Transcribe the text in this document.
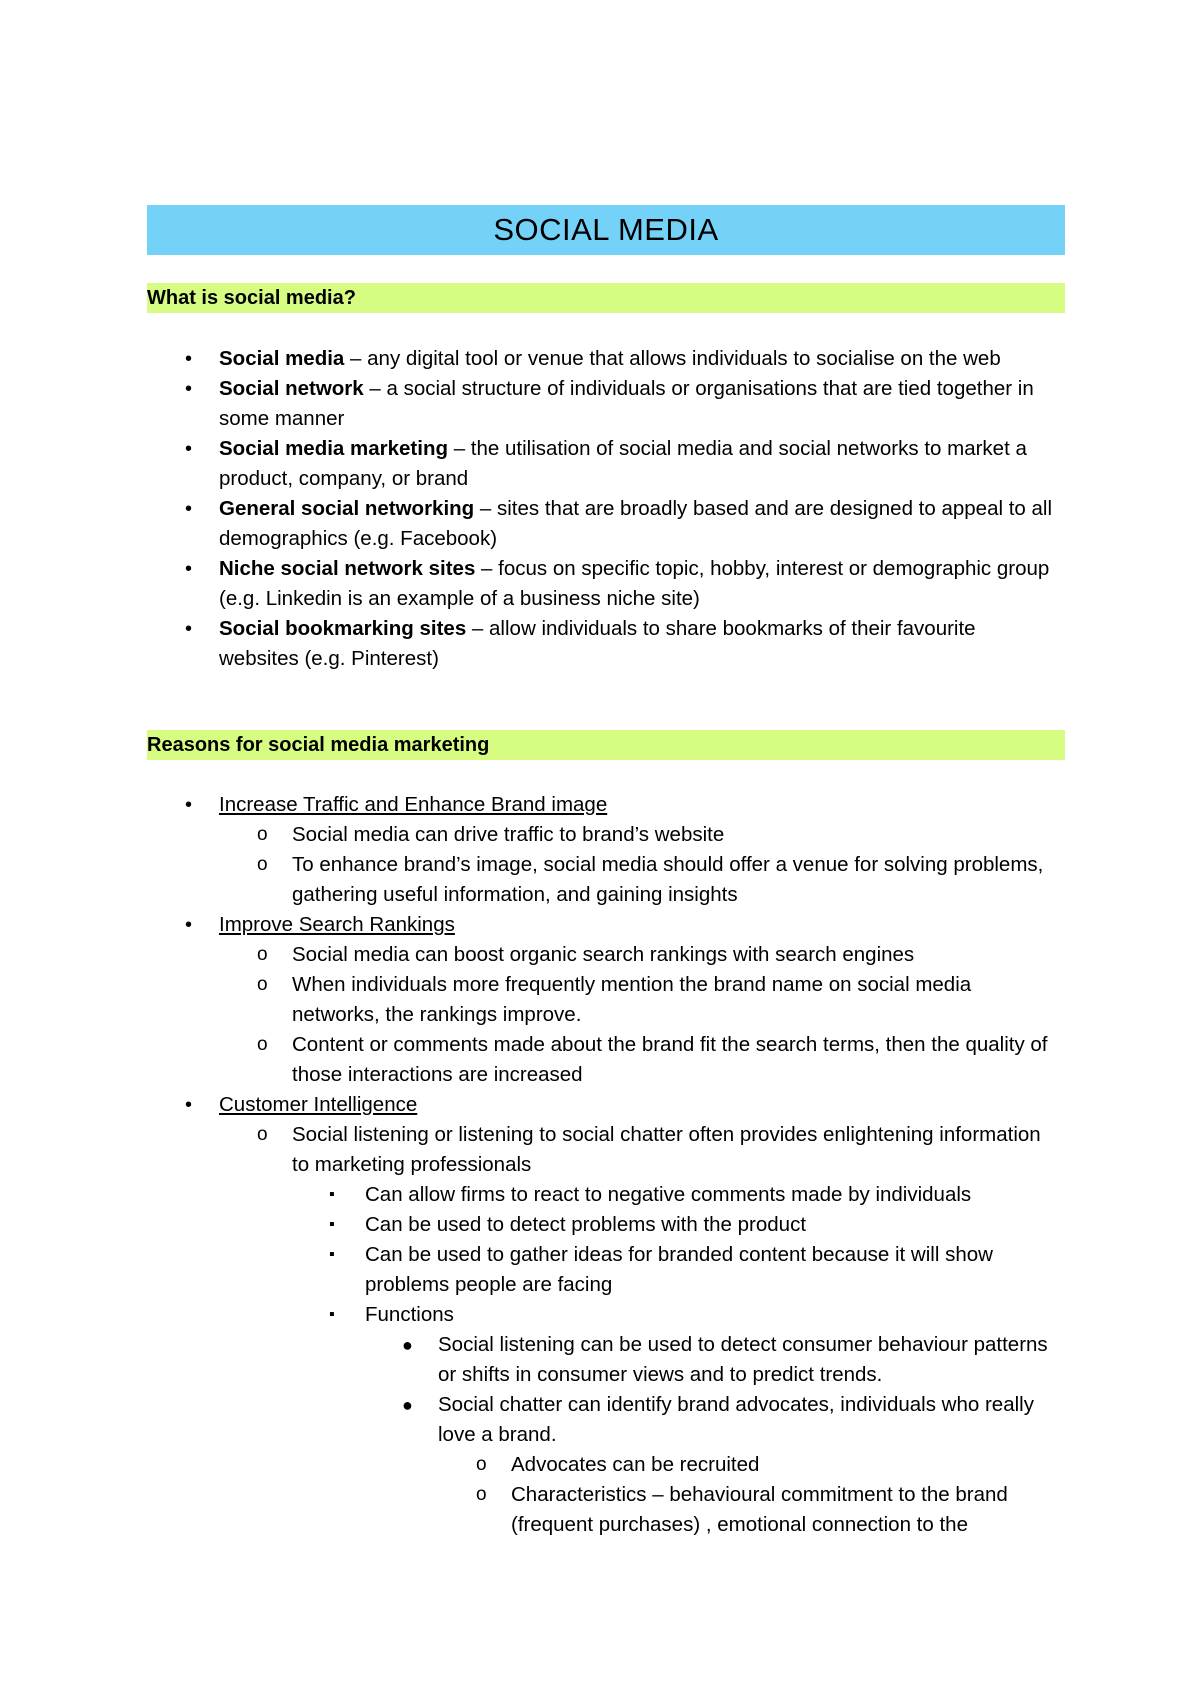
SOCIAL MEDIA
What is social media?
• Social media – any digital tool or venue that allows individuals to socialise on the web
• Social network – a social structure of individuals or organisations that are tied together in some manner
• Social media marketing – the utilisation of social media and social networks to market a product, company, or brand
• General social networking – sites that are broadly based and are designed to appeal to all demographics (e.g. Facebook)
• Niche social network sites – focus on specific topic, hobby, interest or demographic group (e.g. Linkedin is an example of a business niche site)
• Social bookmarking sites – allow individuals to share bookmarks of their favourite websites (e.g. Pinterest)
Reasons for social media marketing
• Increase Traffic and Enhance Brand image
o Social media can drive traffic to brand’s website
o To enhance brand’s image, social media should offer a venue for solving problems, gathering useful information, and gaining insights
• Improve Search Rankings
o Social media can boost organic search rankings with search engines
o When individuals more frequently mention the brand name on social media networks, the rankings improve.
o Content or comments made about the brand fit the search terms, then the quality of those interactions are increased
• Customer Intelligence
o Social listening or listening to social chatter often provides enlightening information to marketing professionals
▪ Can allow firms to react to negative comments made by individuals
▪ Can be used to detect problems with the product
▪ Can be used to gather ideas for branded content because it will show problems people are facing
▪ Functions
● Social listening can be used to detect consumer behaviour patterns or shifts in consumer views and to predict trends.
● Social chatter can identify brand advocates, individuals who really love a brand.
o Advocates can be recruited
o Characteristics – behavioural commitment to the brand (frequent purchases) , emotional connection to the
